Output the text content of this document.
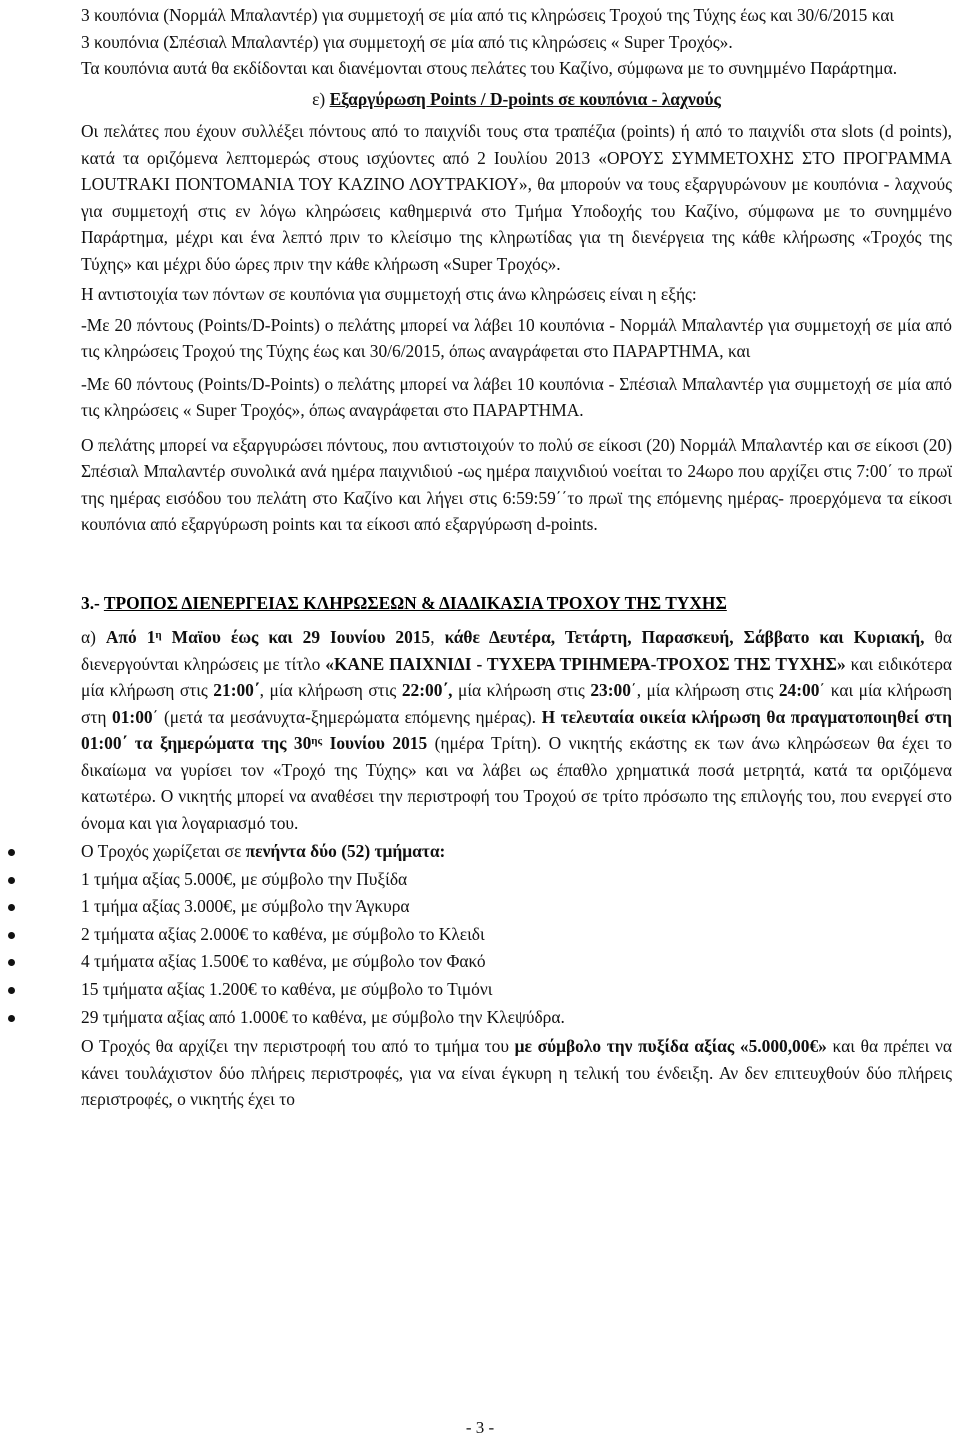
3 κουπόνια (Νορμάλ Μπαλαντέρ) για συμμετοχή σε μία από τις κληρώσεις Τροχού της Τύχης έως και 30/6/2015 και

3 κουπόνια (Σπέσιαλ Μπαλαντέρ) για συμμετοχή σε μία από τις κληρώσεις « Super Τροχός».

Τα κουπόνια αυτά θα εκδίδονται και διανέμονται στους πελάτες του Καζίνο, σύμφωνα με το συνημμένο Παράρτημα.

ε) Εξαργύρωση Points / D-points σε κουπόνια - λαχνούς

Οι πελάτες που έχουν συλλέξει πόντους από το παιχνίδι τους στα τραπέζια (points) ή από το παιχνίδι στα slots (d points), κατά τα οριζόμενα λεπτομερώς στους ισχύοντες από 2 Ιουλίου 2013 «ΟΡΟΥΣ ΣΥΜΜΕΤΟΧΗΣ ΣΤΟ ΠΡΟΓΡΑΜΜΑ LOUTRAKI ΠΟΝΤΟΜΑΝΙΑ ΤΟΥ ΚΑΖΙΝΟ ΛΟΥΤΡΑΚΙΟΥ», θα μπορούν να τους εξαργυρώνουν με κουπόνια - λαχνούς για συμμετοχή στις εν λόγω κληρώσεις καθημερινά στο Τμήμα Υποδοχής του Καζίνο, σύμφωνα με το συνημμένο Παράρτημα, μέχρι και ένα λεπτό πριν το κλείσιμο της κληρωτίδας για τη διενέργεια της κάθε κλήρωσης «Τροχός της Τύχης» και μέχρι δύο ώρες πριν την κάθε κλήρωση «Super Τροχός».

Η αντιστοιχία των πόντων σε κουπόνια για συμμετοχή στις άνω κληρώσεις είναι η εξής:

-Με 20 πόντους (Points/D-Points) ο πελάτης μπορεί να λάβει 10 κουπόνια - Νορμάλ Μπαλαντέρ για συμμετοχή σε μία από τις κληρώσεις Τροχού της Τύχης έως και 30/6/2015, όπως αναγράφεται στο ΠΑΡΑΡΤΗΜΑ, και

-Με 60 πόντους (Points/D-Points) ο πελάτης μπορεί να λάβει 10 κουπόνια - Σπέσιαλ Μπαλαντέρ για συμμετοχή σε μία από τις κληρώσεις « Super Τροχός», όπως αναγράφεται στο ΠΑΡΑΡΤΗΜΑ.

Ο πελάτης μπορεί να εξαργυρώσει πόντους, που αντιστοιχούν το πολύ σε είκοσι (20) Νορμάλ Μπαλαντέρ και σε είκοσι (20) Σπέσιαλ Μπαλαντέρ συνολικά ανά ημέρα παιχνιδιού -ως ημέρα παιχνιδιού νοείται το 24ωρο που αρχίζει στις 7:00΄ το πρωϊ της ημέρας εισόδου του πελάτη στο Καζίνο και λήγει στις 6:59:59΄΄το πρωϊ της επόμενης ημέρας- προερχόμενα τα είκοσι κουπόνια από εξαργύρωση points και τα είκοσι από εξαργύρωση d-points.

3.- ΤΡΟΠΟΣ ΔΙΕΝΕΡΓΕΙΑΣ ΚΛΗΡΩΣΕΩΝ & ΔΙΑΔΙΚΑΣΙΑ ΤΡΟΧΟΥ ΤΗΣ ΤΥΧΗΣ

α) Από $1^\eta$ Μαϊου έως και 29 Ιουνίου 2015, κάθε Δευτέρα, Τετάρτη, Παρασκευή, Σάββατο και Κυριακή, θα διενεργούνται κληρώσεις με τίτλο «ΚΑΝΕ ΠΑΙΧΝΙΔΙ - ΤΥΧΕΡΑ ΤΡΙΗΜΕΡΑ-ΤΡΟΧΟΣ ΤΗΣ ΤΥΧΗΣ» και ειδικότερα μία κλήρωση στις 21:00΄, μία κλήρωση στις 22:00΄, μία κλήρωση στις 23:00΄, μία κλήρωση στις 24:00΄ και μία κλήρωση στη 01:00΄ (μετά τα μεσάνυχτα-ξημερώματα επόμενης ημέρας). Η τελευταία οικεία κλήρωση θα πραγματοποιηθεί στη 01:00΄ τα ξημερώματα της $30^{\eta\varsigma}$ Ιουνίου 2015 (ημέρα Τρίτη). Ο νικητής εκάστης εκ των άνω κληρώσεων θα έχει το δικαίωμα να γυρίσει τον «Τροχό της Τύχης» και να λάβει ως έπαθλο χρηματικά ποσά μετρητά, κατά τα οριζόμενα κατωτέρω. Ο νικητής μπορεί να αναθέσει την περιστροφή του Τροχού σε τρίτο πρόσωπο της επιλογής του, που ενεργεί στο όνομα και για λογαριασμό του.

Ο Τροχός χωρίζεται σε πενήντα δύο (52) τμήματα:
1 τμήμα αξίας 5.000€, με σύμβολο την Πυξίδα
1 τμήμα αξίας 3.000€, με σύμβολο την Άγκυρα
2 τμήματα αξίας 2.000€ το καθένα, με σύμβολο το Κλειδι
4 τμήματα αξίας 1.500€ το καθένα, με σύμβολο τον Φακό
15 τμήματα αξίας 1.200€ το καθένα, με σύμβολο το Τιμόνι
29 τμήματα αξίας από 1.000€ το καθένα, με σύμβολο την Κλεψύδρα.

Ο Τροχός θα αρχίζει την περιστροφή του από το τμήμα του με σύμβολο την πυξίδα αξίας «5.000,00€» και θα πρέπει να κάνει τουλάχιστον δύο πλήρεις περιστροφές, για να είναι έγκυρη η τελική του ένδειξη. Αν δεν επιτευχθούν δύο πλήρεις περιστροφές, ο νικητής έχει το

- 3 -
